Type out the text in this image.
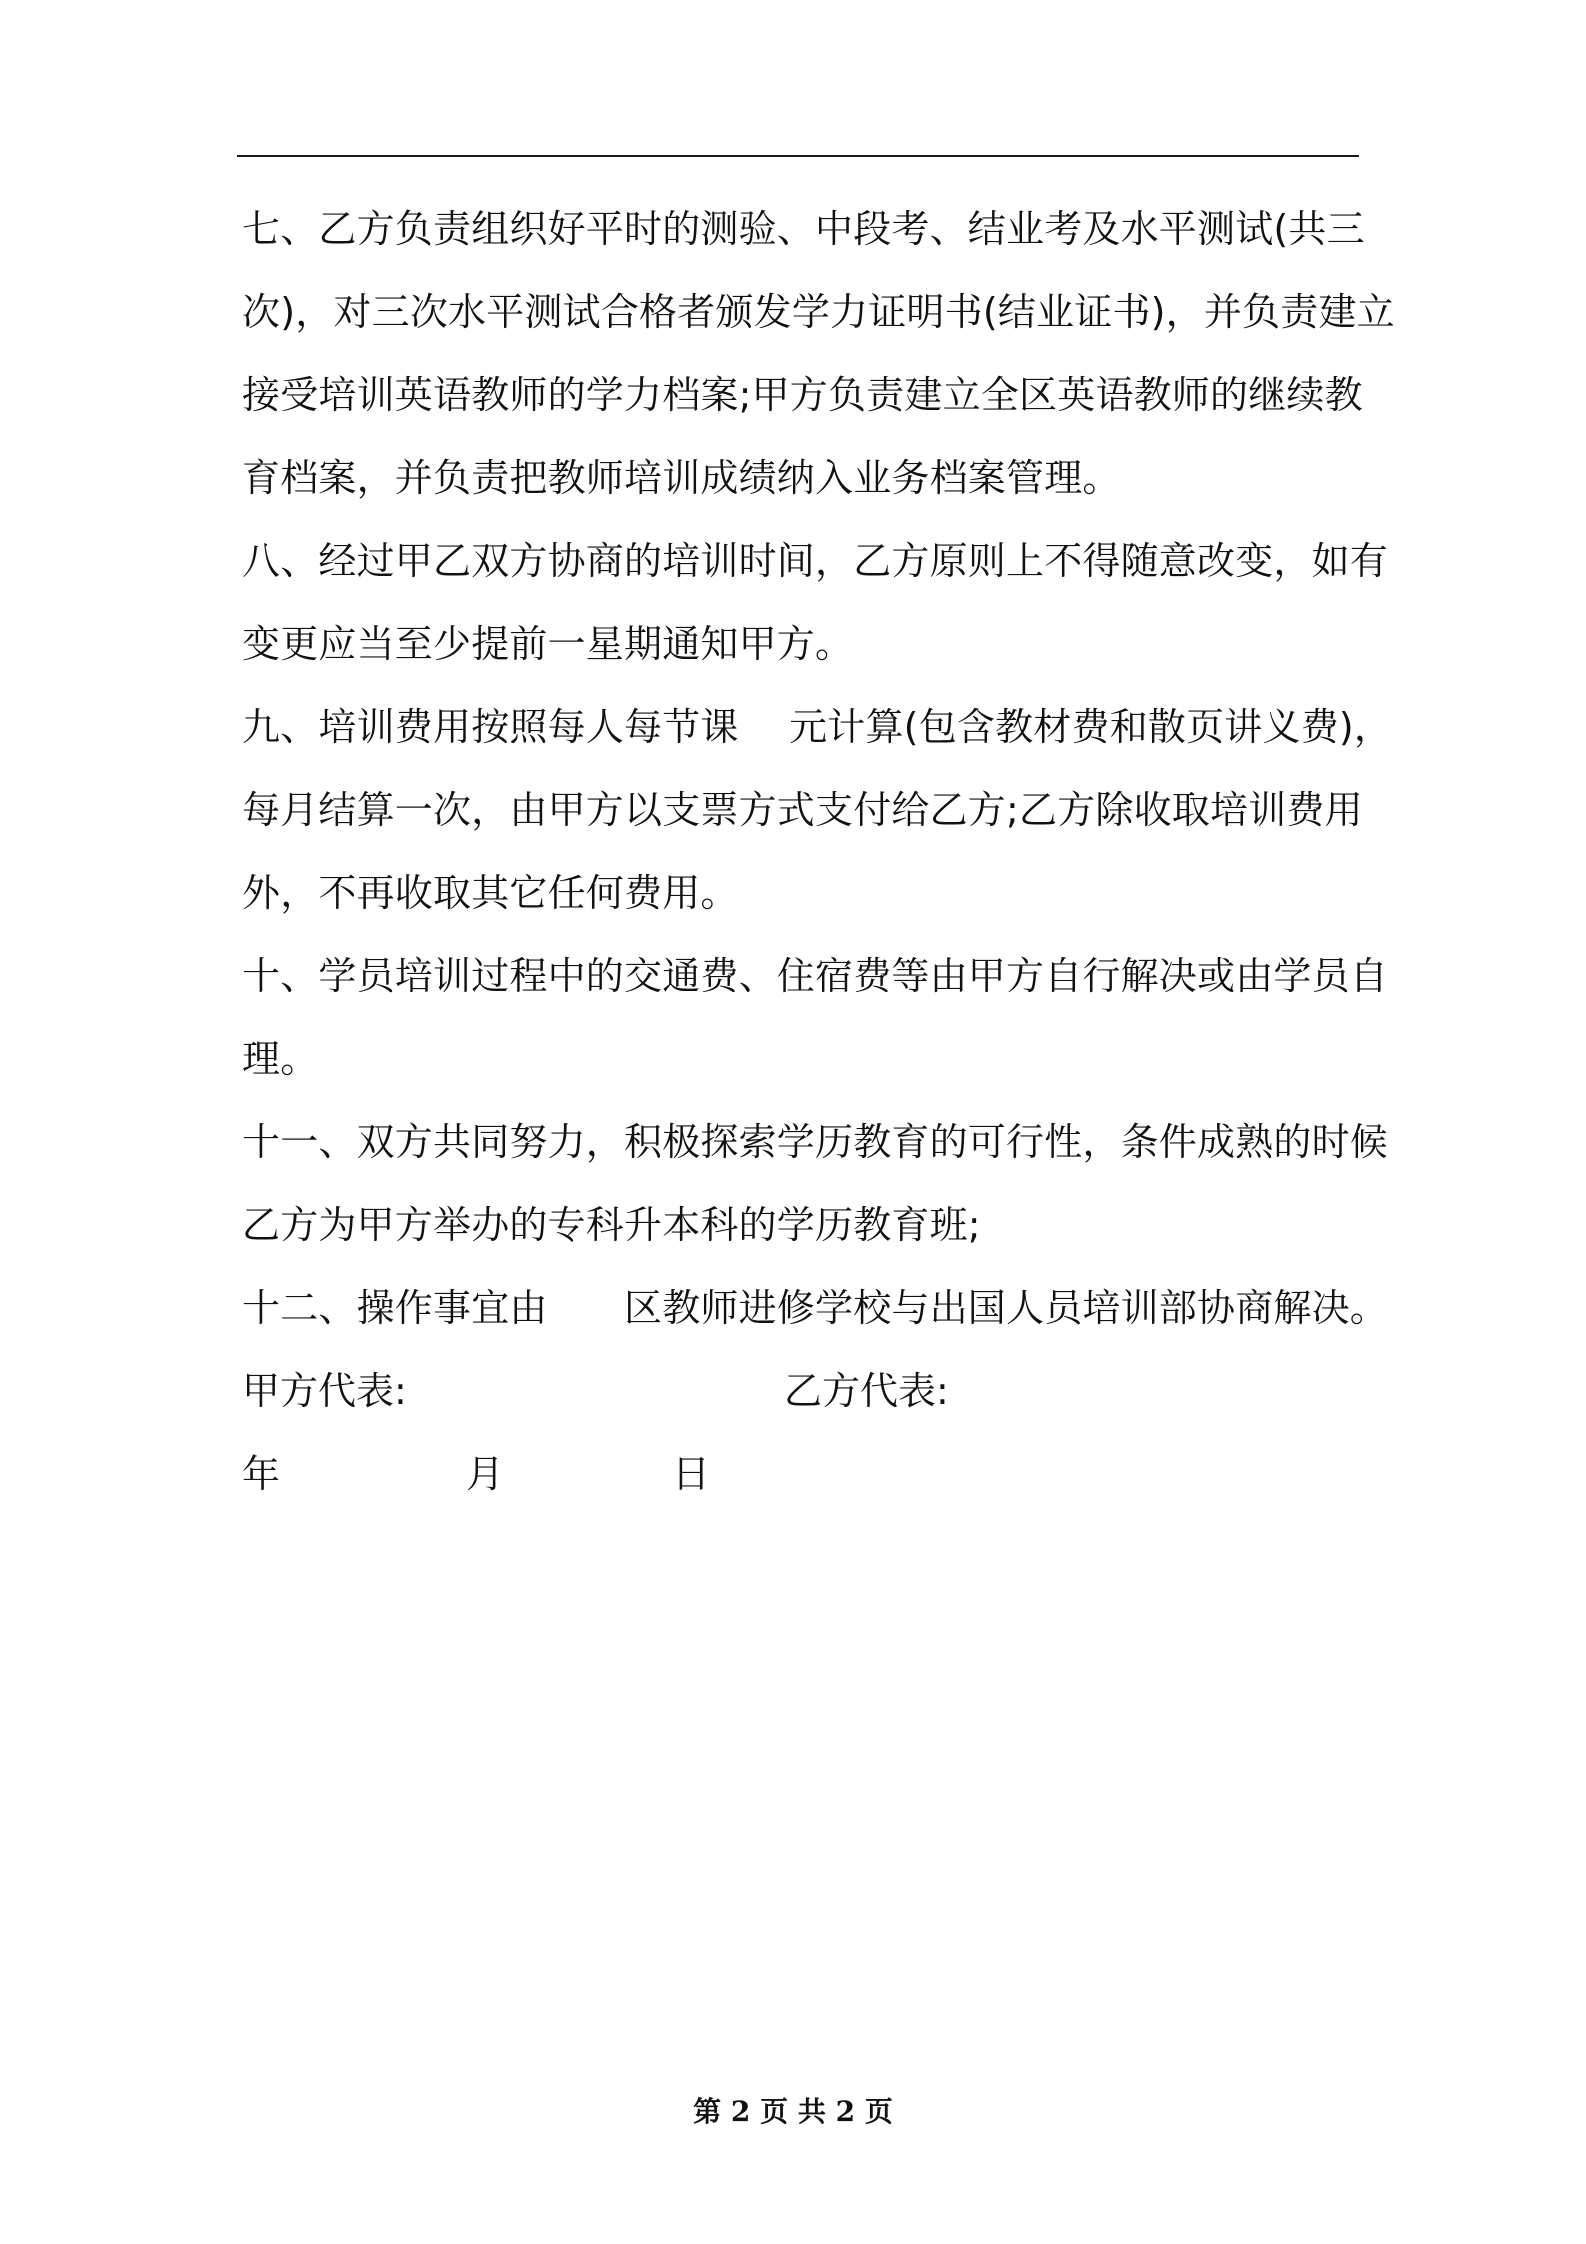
七、乙方负责组织好平时的测验、中段考、结业考及水平测试(共三
次)，对三次水平测试合格者颁发学力证明书(结业证书)，并负责建立
接受培训英语教师的学力档案;甲方负责建立全区英语教师的继续教
育档案，并负责把教师培训成绩纳入业务档案管理。
八、经过甲乙双方协商的培训时间，乙方原则上不得随意改变，如有
变更应当至少提前一星期通知甲方。
九、培训费用按照每人每节课　 元计算(包含教材费和散页讲义费)，
每月结算一次，由甲方以支票方式支付给乙方;乙方除收取培训费用
外，不再收取其它任何费用。
十、学员培训过程中的交通费、住宿费等由甲方自行解决或由学员自
理。
十一、双方共同努力，积极探索学历教育的可行性，条件成熟的时候
乙方为甲方举办的专科升本科的学历教育班;
十二、操作事宜由　　区教师进修学校与出国人员培训部协商解决。
甲方代表:	乙方代表:
年	月	日
第 2 页 共 2 页
